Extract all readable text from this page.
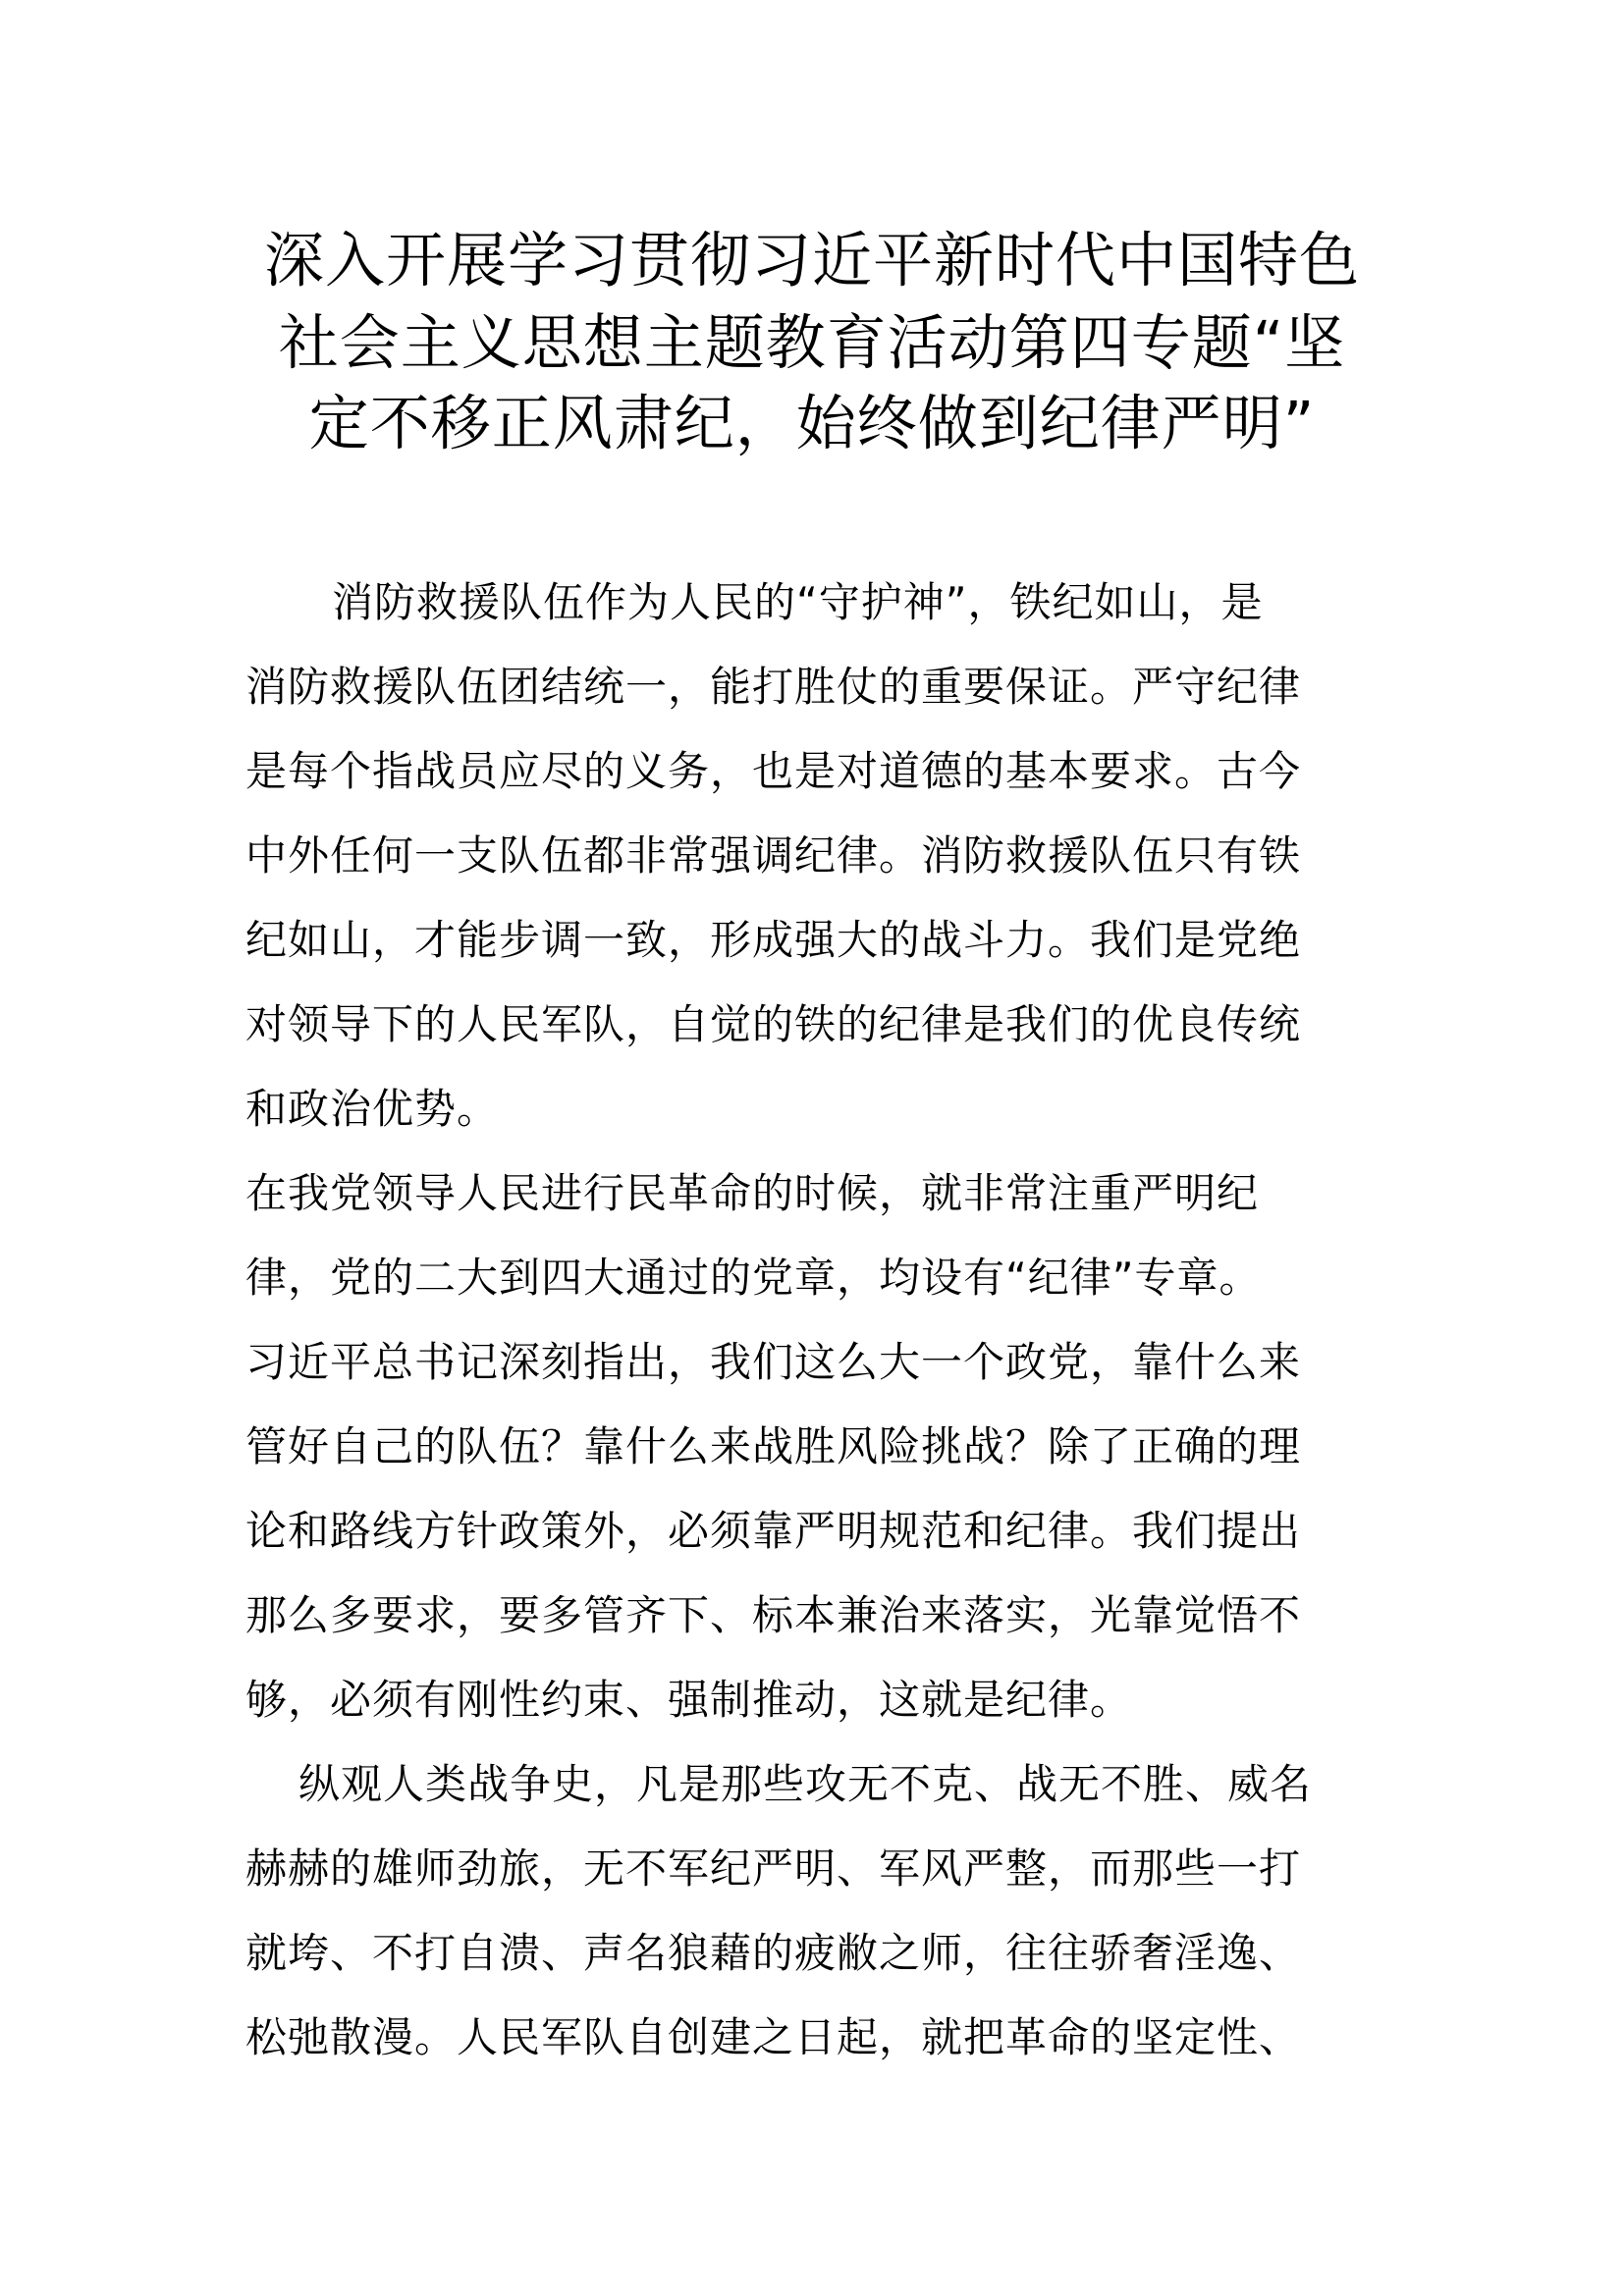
深入开展学习贯彻习近平新时代中国特色
社会主义思想主题教育活动第四专题“坚
定不移正风肃纪，始终做到纪律严明”
消防救援队伍作为人民的“守护神”，铁纪如山，是
消防救援队伍团结统一，能打胜仗的重要保证。严守纪律
是每个指战员应尽的义务，也是对道德的基本要求。古今
中外任何一支队伍都非常强调纪律。消防救援队伍只有铁
纪如山，才能步调一致，形成强大的战斗力。我们是党绝
对领导下的人民军队，自觉的铁的纪律是我们的优良传统
和政治优势。
在我党领导人民进行民革命的时候，就非常注重严明纪
律，党的二大到四大通过的党章，均设有“纪律”专章。
习近平总书记深刻指出，我们这么大一个政党，靠什么来
管好自己的队伍？靠什么来战胜风险挑战？除了正确的理
论和路线方针政策外，必须靠严明规范和纪律。我们提出
那么多要求，要多管齐下、标本兼治来落实，光靠觉悟不
够，必须有刚性约束、强制推动，这就是纪律。
纵观人类战争史，凡是那些攻无不克、战无不胜、威名
赫赫的雄师劲旅，无不军纪严明、军风严整，而那些一打
就垮、不打自溃、声名狼藉的疲敝之师，往往骄奢淫逸、
松弛散漫。人民军队自创建之日起，就把革命的坚定性、
